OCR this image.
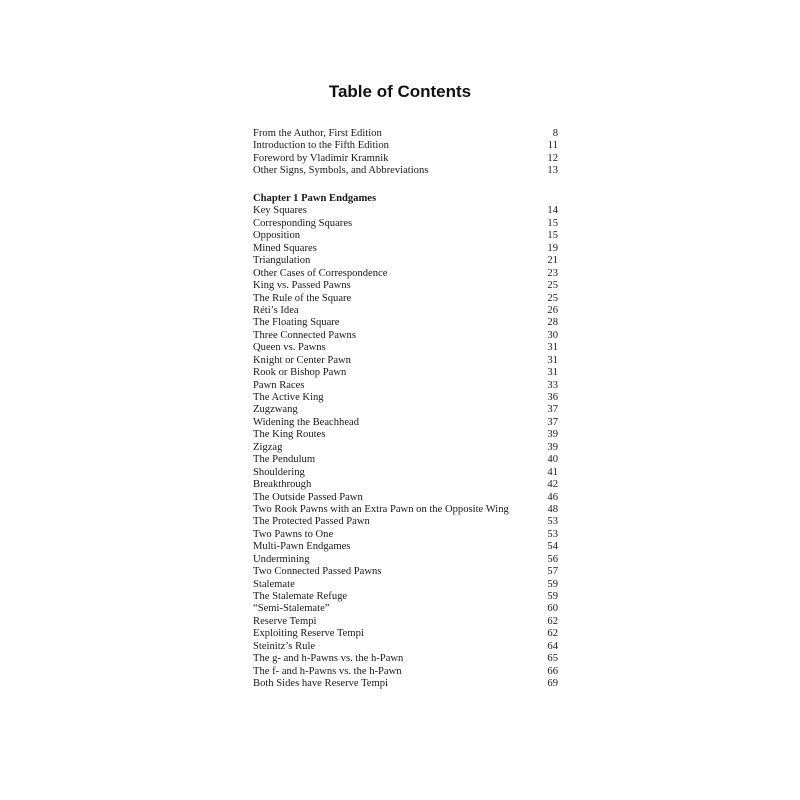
Table of Contents
From the Author, First Edition	8
Introduction to the Fifth Edition	11
Foreword by Vladimir Kramnik	12
Other Signs, Symbols, and Abbreviations	13
Chapter 1 Pawn Endgames
Key Squares	14
Corresponding Squares	15
Opposition	15
Mined Squares	19
Triangulation	21
Other Cases of Correspondence	23
King vs. Passed Pawns	25
The Rule of the Square	25
Réti’s Idea	26
The Floating Square	28
Three Connected Pawns	30
Queen vs. Pawns	31
Knight or Center Pawn	31
Rook or Bishop Pawn	31
Pawn Races	33
The Active King	36
Zugzwang	37
Widening the Beachhead	37
The King Routes	39
Zigzag	39
The Pendulum	40
Shouldering	41
Breakthrough	42
The Outside Passed Pawn	46
Two Rook Pawns with an Extra Pawn on the Opposite Wing	48
The Protected Passed Pawn	53
Two Pawns to One	53
Multi-Pawn Endgames	54
Undermining	56
Two Connected Passed Pawns	57
Stalemate	59
The Stalemate Refuge	59
“Semi-Stalemate”	60
Reserve Tempi	62
Exploiting Reserve Tempi	62
Steinitz’s Rule	64
The g- and h-Pawns vs. the h-Pawn	65
The f- and h-Pawns vs. the h-Pawn	66
Both Sides have Reserve Tempi	69
